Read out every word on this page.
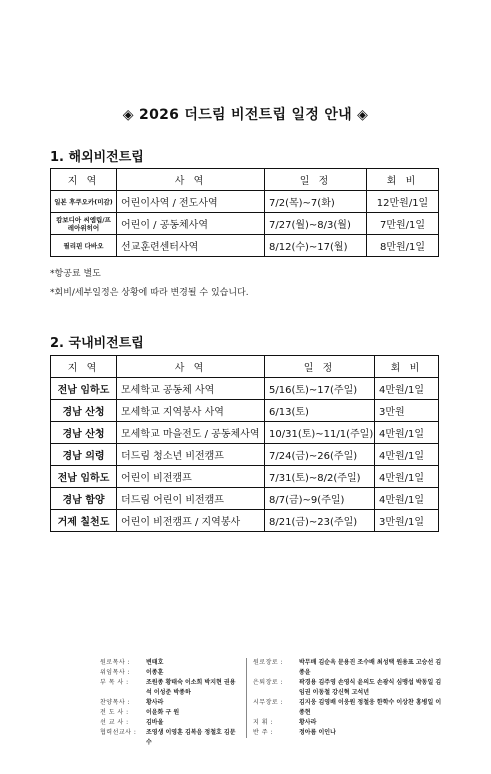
◈ 2026 더드림 비전트립 일정 안내 ◈
1. 해외비전트립
지 역	사 역	일 정	회 비
일본 후쿠오카(미감)	어린이사역 / 전도사역	7/2(목)~7(화)	12만원/1일
캄보디아 씨엠립/프레아위히어	어린이 / 공동체사역	7/27(월)~8/3(월)	7만원/1일
필리핀 다바오	선교훈련센터사역	8/12(수)~17(월)	8만원/1일
*항공료 별도
*회비/세부일정은 상황에 따라 변경될 수 있습니다.
2. 국내비전트립
지 역	사 역	일 정	회 비
전남 임하도	모세학교 공동체 사역	5/16(토)~17(주일)	4만원/1일
경남 산청	모세학교 지역봉사 사역	6/13(토)	3만원
경남 산청	모세학교 마을전도 / 공동체사역	10/31(토)~11/1(주일)	4만원/1일
경남 의령	더드림 청소년 비전캠프	7/24(금)~26(주일)	4만원/1일
전남 임하도	어린이 비전캠프	7/31(토)~8/2(주일)	4만원/1일
경남 함양	더드림 어린이 비전캠프	8/7(금)~9(주일)	4만원/1일
거제 칠천도	어린이 비전캠프 / 지역봉사	8/21(금)~23(주일)	3만원/1일
원로목사 :	변태호
위임목사 :	이종훈
부 목 사 :	조원종 황태숙 이소희 박지현 권용석 이성준 박종하
찬양목사 :	황사라
전 도 사 :	이윤화 구 원
선 교 사 :	김바울
협력선교사 :	조영생 이영훈 김복음 정철호 김문수
원로장로 :	박무배 김순옥 문용진 조수배 최성택 원용표 고승선 김종윤
은퇴장로 :	곽경용 김주영 손영식 윤의도 손광식 심맹섭 박동일 김임권 이동철 강신혁 고석년
시무장로 :	김지웅 김영배 이웅원 정철웅 한학수 이상찬 홍병일 이종현
지 휘 :	황사라
반 주 :	정아름 이인나
